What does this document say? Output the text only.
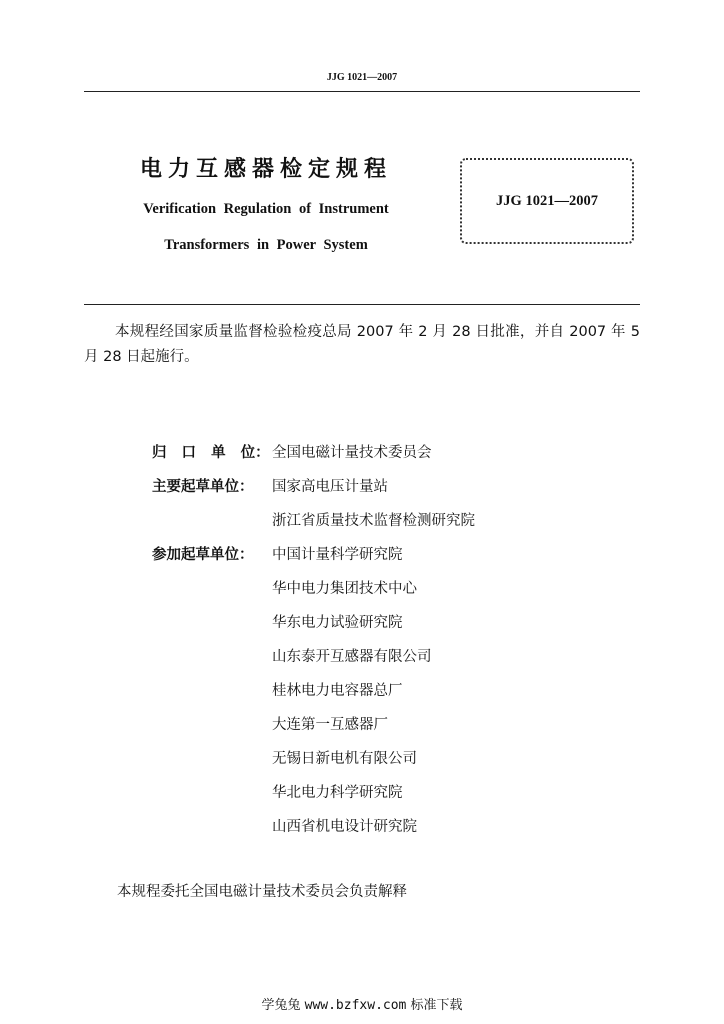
JJG 1021—2007
电力互感器检定规程
Verification Regulation of Instrument
Transformers in Power System
JJG 1021—2007
本规程经国家质量监督检验检疫总局 2007 年 2 月 28 日批准，并自 2007 年 5 月 28 日起施行。
归 口 单 位： 全国电磁计量技术委员会
主要起草单位：	国家高电压计量站
浙江省质量技术监督检测研究院
参加起草单位：	中国计量科学研究院
华中电力集团技术中心
华东电力试验研究院
山东泰开互感器有限公司
桂林电力电容器总厂
大连第一互感器厂
无锡日新电机有限公司
华北电力科学研究院
山西省机电设计研究院
本规程委托全国电磁计量技术委员会负责解释
学兔兔 www.bzfxw.com 标准下载
